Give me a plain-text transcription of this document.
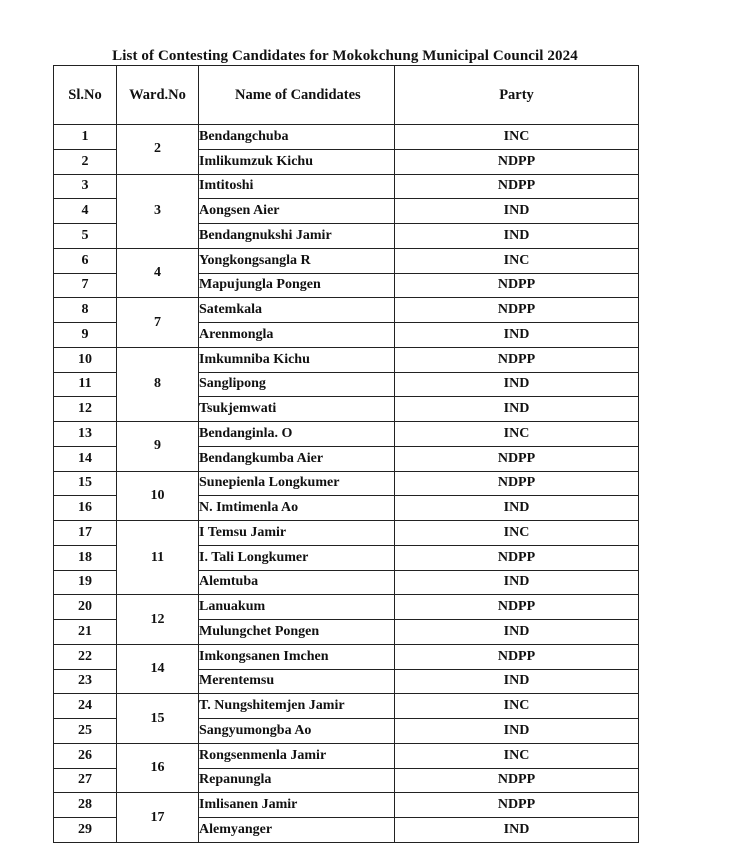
List of Contesting Candidates for Mokokchung Municipal Council 2024
Sl.No	Ward.No	Name of Candidates	Party
1	2	Bendangchuba	INC
2		Imlikumzuk Kichu	NDPP
3	3	Imtitoshi	NDPP
4		Aongsen Aier	IND
5		Bendangnukshi Jamir	IND
6	4	Yongkongsangla R	INC
7		Mapujungla Pongen	NDPP
8	7	Satemkala	NDPP
9		Arenmongla	IND
10	8	Imkumniba Kichu	NDPP
11		Sanglipong	IND
12		Tsukjemwati	IND
13	9	Bendanginla. O	INC
14		Bendangkumba Aier	NDPP
15	10	Sunepienla Longkumer	NDPP
16		N. Imtimenla Ao	IND
17	11	I Temsu Jamir	INC
18		I. Tali Longkumer	NDPP
19		Alemtuba	IND
20	12	Lanuakum	NDPP
21		Mulungchet Pongen	IND
22	14	Imkongsanen Imchen	NDPP
23		Merentemsu	IND
24	15	T. Nungshitemjen Jamir	INC
25		Sangyumongba Ao	IND
26	16	Rongsenmenla Jamir	INC
27		Repanungla	NDPP
28	17	Imlisanen Jamir	NDPP
29		Alemyanger	IND
